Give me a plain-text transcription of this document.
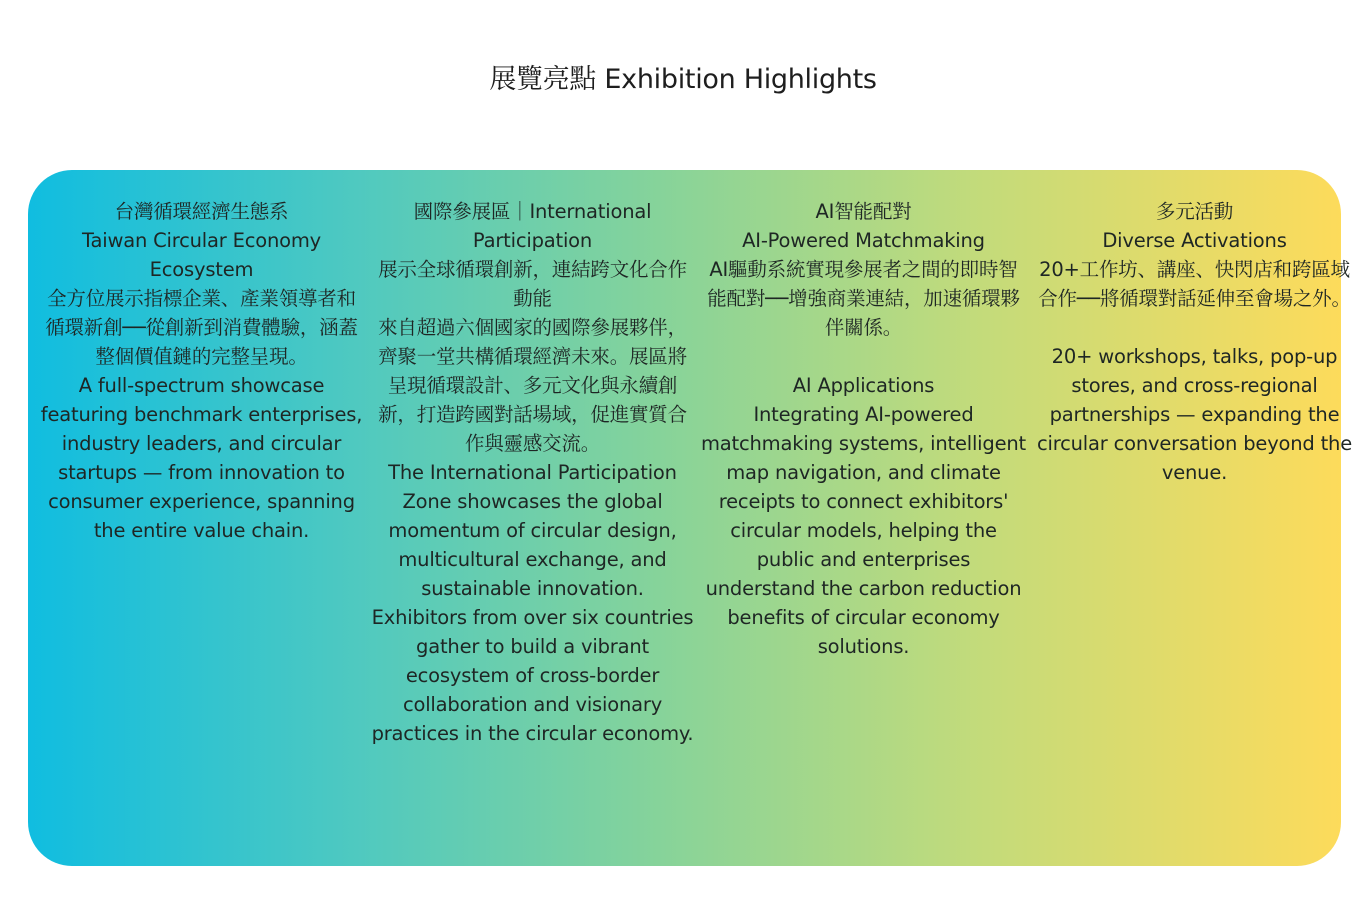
展覽亮點 Exhibition Highlights

台灣循環經濟生態系

Taiwan Circular Economy Ecosystem

全方位展示指標企業、產業領導者和循環新創──從創新到消費體驗，涵蓋整個價值鏈的完整呈現。

A full-spectrum showcase featuring benchmark enterprises, industry leaders, and circular startups — from innovation to consumer experience, spanning the entire value chain.

國際參展區｜International Participation

展示全球循環創新，連結跨文化合作動能

來自超過六個國家的國際參展夥伴，齊聚一堂共構循環經濟未來。展區將呈現循環設計、多元文化與永續創新，打造跨國對話場域，促進實質合作與靈感交流。

The International Participation Zone showcases the global momentum of circular design, multicultural exchange, and sustainable innovation.

Exhibitors from over six countries gather to build a vibrant ecosystem of cross-border collaboration and visionary practices in the circular economy.

AI智能配對

AI-Powered Matchmaking

AI驅動系統實現參展者之間的即時智能配對──增強商業連結，加速循環夥伴關係。

AI Applications

Integrating AI-powered matchmaking systems, intelligent map navigation, and climate receipts to connect exhibitors' circular models, helping the public and enterprises understand the carbon reduction benefits of circular economy solutions.

多元活動

Diverse Activations

20+工作坊、講座、快閃店和跨區域合作──將循環對話延伸至會場之外。

20+ workshops, talks, pop-up stores, and cross-regional partnerships — expanding the circular conversation beyond the venue.
